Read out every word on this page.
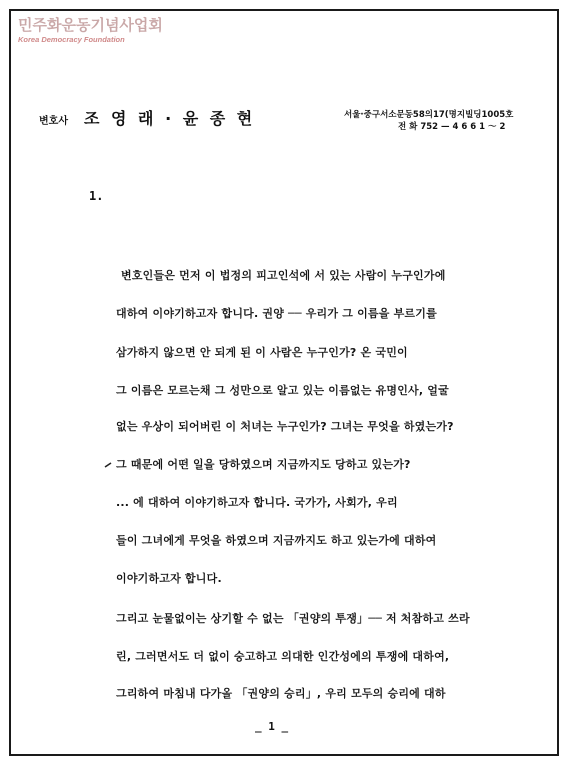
민주화운동기념사업회
Korea Democracy Foundation
변호사 조 영 래 · 윤 종 현	서울·중구서소문동58의17(명지빌딩1005호
전 화 752 — 4 6 6 1 ～ 2
1.
변호인들은 먼저 이 법정의 피고인석에 서 있는 사람이 누구인가에
대하여 이야기하고자 합니다. 권양 ── 우리가 그 이름을 부르기를
삼가하지 않으면 안 되게 된 이 사람은 누구인가? 온 국민이
그 이름은 모르는채 그 성만으로 알고 있는 이름없는 유명인사, 얼굴
없는 우상이 되어버린 이 처녀는 누구인가? 그녀는 무엇을 하였는가?
그 때문에 어떤 일을 당하였으며 지금까지도 당하고 있는가?
... 에 대하여 이야기하고자 합니다. 국가가, 사회가, 우리
들이 그녀에게 무엇을 하였으며 지금까지도 하고 있는가에 대하여
이야기하고자 합니다.
그리고 눈물없이는 상기할 수 없는 「권양의 투쟁」── 저 처참하고 쓰라
린, 그러면서도 더 없이 숭고하고 의대한 인간성에의 투쟁에 대하여,
그리하여 마침내 다가올 「권양의 승리」, 우리 모두의 승리에 대하
_ 1 _
